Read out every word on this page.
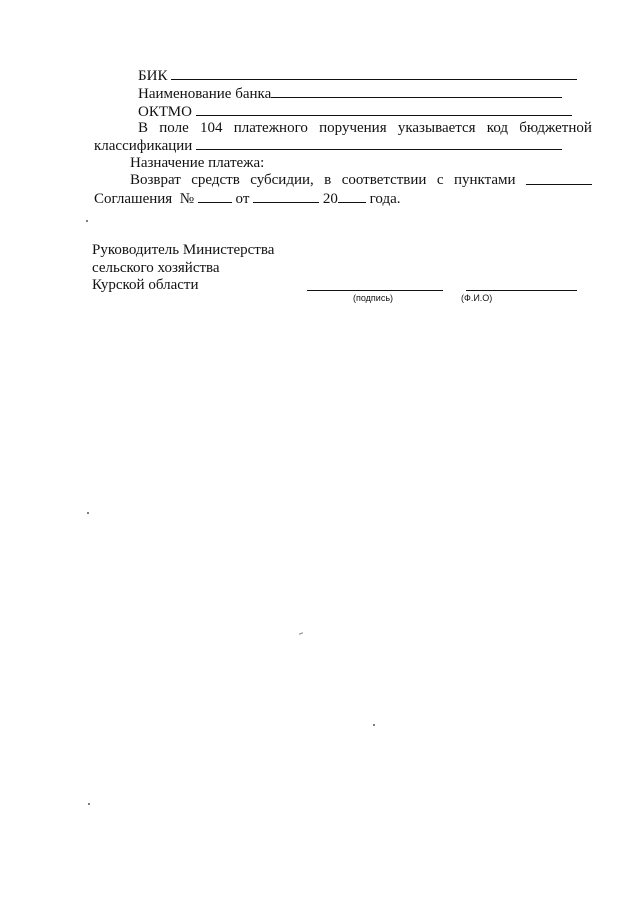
БИК
Наименование банка
ОКТМО
В поле 104 платежного поручения указывается код бюджетной
классификации
Назначение платежа:
Возврат средств субсидии, в соответствии с пунктами
Соглашения №	от	20 года.
Руководитель Министерства
сельского хозяйства
Курской области
(подпись)	(Ф.И.О)
